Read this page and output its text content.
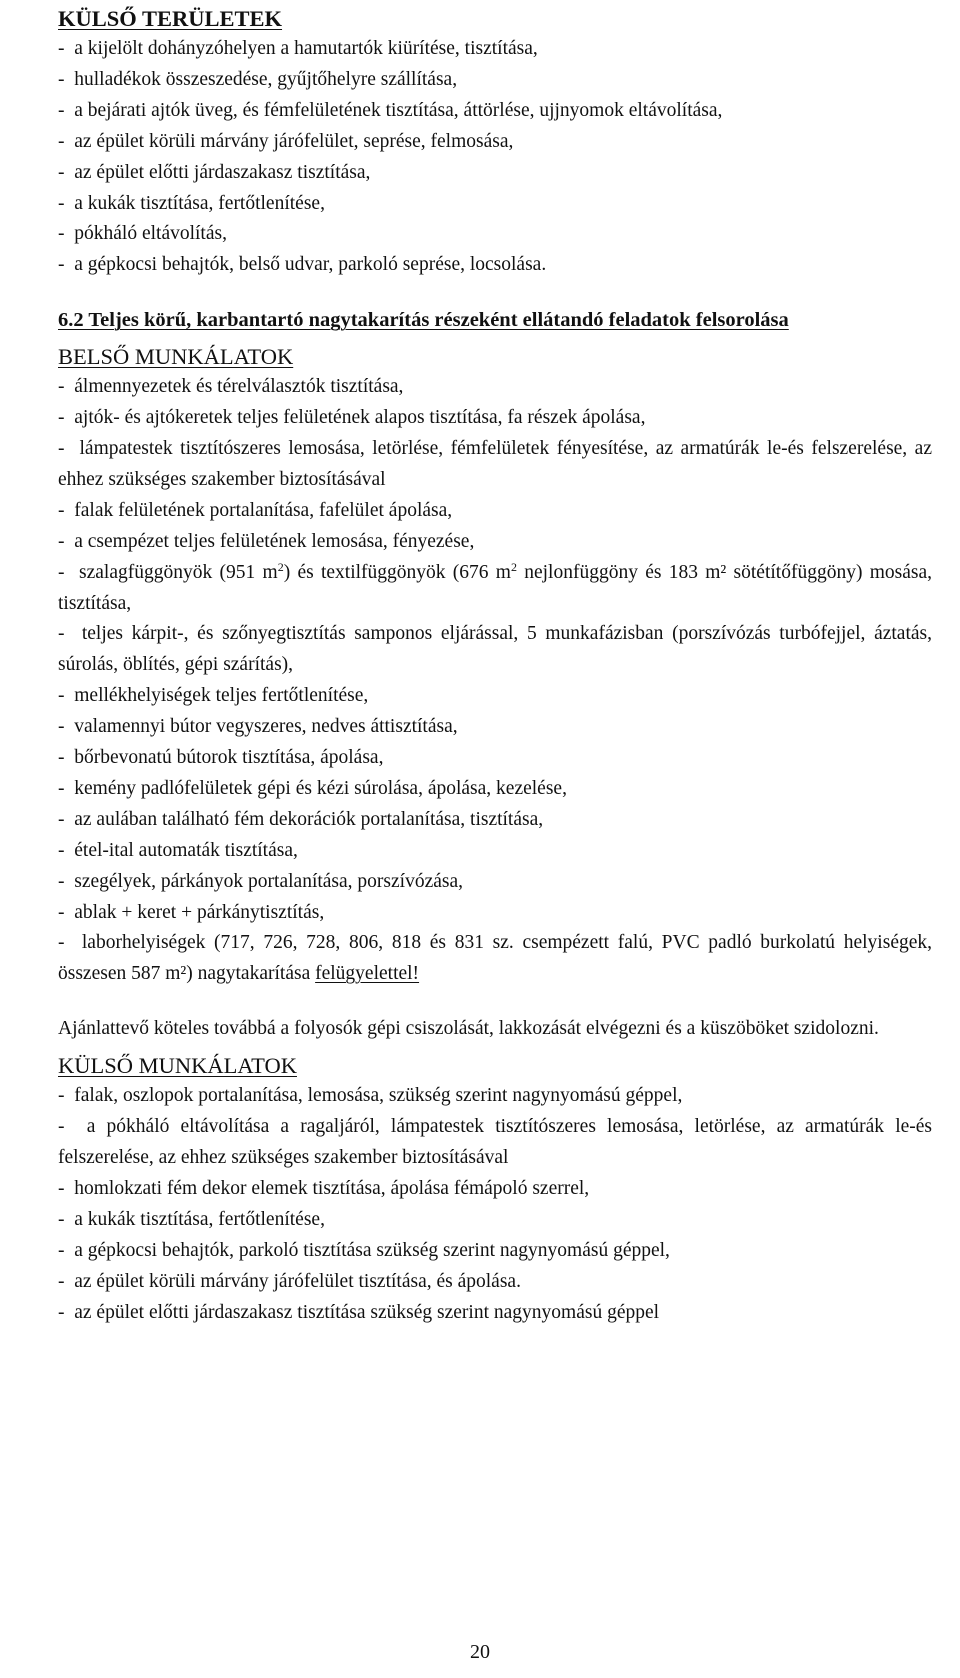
KÜLSŐ TERÜLETEK

-  a kijelölt dohányzóhelyen a hamutartók kiürítése, tisztítása,

-  hulladékok összeszedése, gyűjtőhelyre szállítása,

-  a bejárati ajtók üveg, és fémfelületének tisztítása, áttörlése, ujjnyomok eltávolítása,

-  az épület körüli márvány járófelület, seprése, felmosása,

-  az épület előtti járdaszakasz tisztítása,

-  a kukák tisztítása, fertőtlenítése,

-  pókháló eltávolítás,

-  a gépkocsi behajtók, belső udvar, parkoló seprése, locsolása.

6.2 Teljes körű, karbantartó nagytakarítás részeként ellátandó feladatok felsorolása

BELSŐ MUNKÁLATOK

-  álmennyezetek és térelválasztók tisztítása,

-  ajtók- és ajtókeretek teljes felületének alapos tisztítása, fa részek ápolása,

-  lámpatestek tisztítószeres lemosása, letörlése, fémfelületek fényesítése, az armatúrák le-és felszerelése, az ehhez szükséges szakember biztosításával

-  falak felületének portalanítása, fafelület ápolása,

-  a csempézet teljes felületének lemosása, fényezése,

-  szalagfüggönyök (951 $m^2$) és textilfüggönyök (676 $m^2$ nejlonfüggöny és 183 m² sötétítőfüggöny) mosása, tisztítása,

-  teljes kárpit-, és szőnyegtisztítás samponos eljárással, 5 munkafázisban (porszívózás turbófejjel, áztatás, súrolás, öblítés, gépi szárítás),

-  mellékhelyiségek teljes fertőtlenítése,

-  valamennyi bútor vegyszeres, nedves áttisztítása,

-  bőrbevonatú bútorok tisztítása, ápolása,

-  kemény padlófelületek gépi és kézi súrolása, ápolása, kezelése,

-  az aulában található fém dekorációk portalanítása, tisztítása,

-  étel-ital automaták tisztítása,

-  szegélyek, párkányok portalanítása, porszívózása,

-  ablak + keret + párkánytisztítás,

-  laborhelyiségek (717, 726, 728, 806, 818 és 831 sz. csempézett falú, PVC padló burkolatú helyiségek, összesen 587 m²) nagytakarítása felügyelettel!

Ajánlattevő köteles továbbá a folyosók gépi csiszolását, lakkozását elvégezni és a küszöböket szidolozni.

KÜLSŐ MUNKÁLATOK

-  falak, oszlopok portalanítása, lemosása, szükség szerint nagynyomású géppel,

-  a pókháló eltávolítása a ragaljáról, lámpatestek tisztítószeres lemosása, letörlése, az armatúrák le-és felszerelése, az ehhez szükséges szakember biztosításával

-  homlokzati fém dekor elemek tisztítása, ápolása fémápoló szerrel,

-  a kukák tisztítása, fertőtlenítése,

-  a gépkocsi behajtók, parkoló tisztítása szükség szerint nagynyomású géppel,

-  az épület körüli márvány járófelület tisztítása, és ápolása.

-  az épület előtti járdaszakasz tisztítása szükség szerint nagynyomású géppel

20
